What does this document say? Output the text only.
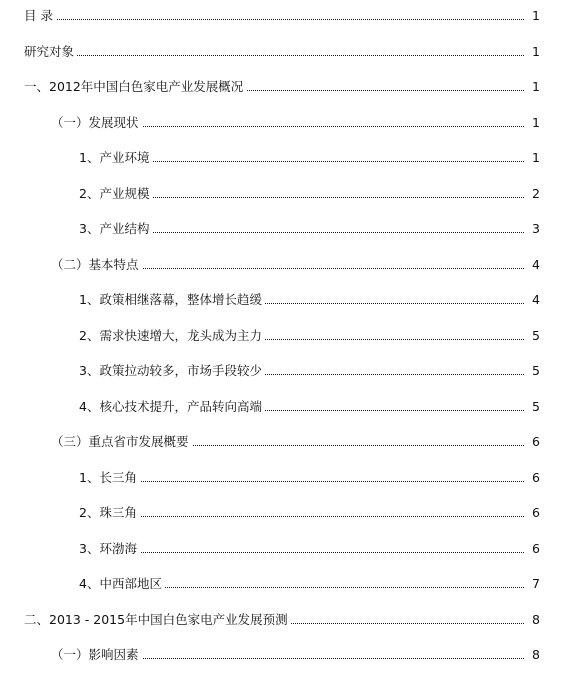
目 录	1
研究对象	1
一、2012年中国白色家电产业发展概况	1
（一）发展现状	1
1、产业环境	1
2、产业规模	2
3、产业结构	3
（二）基本特点	4
1、政策相继落幕，整体增长趋缓	4
2、需求快速增大，龙头成为主力	5
3、政策拉动较多，市场手段较少	5
4、核心技术提升，产品转向高端	5
（三）重点省市发展概要	6
1、长三角	6
2、珠三角	6
3、环渤海	6
4、中西部地区	7
二、2013 - 2015年中国白色家电产业发展预测	8
（一）影响因素	8
